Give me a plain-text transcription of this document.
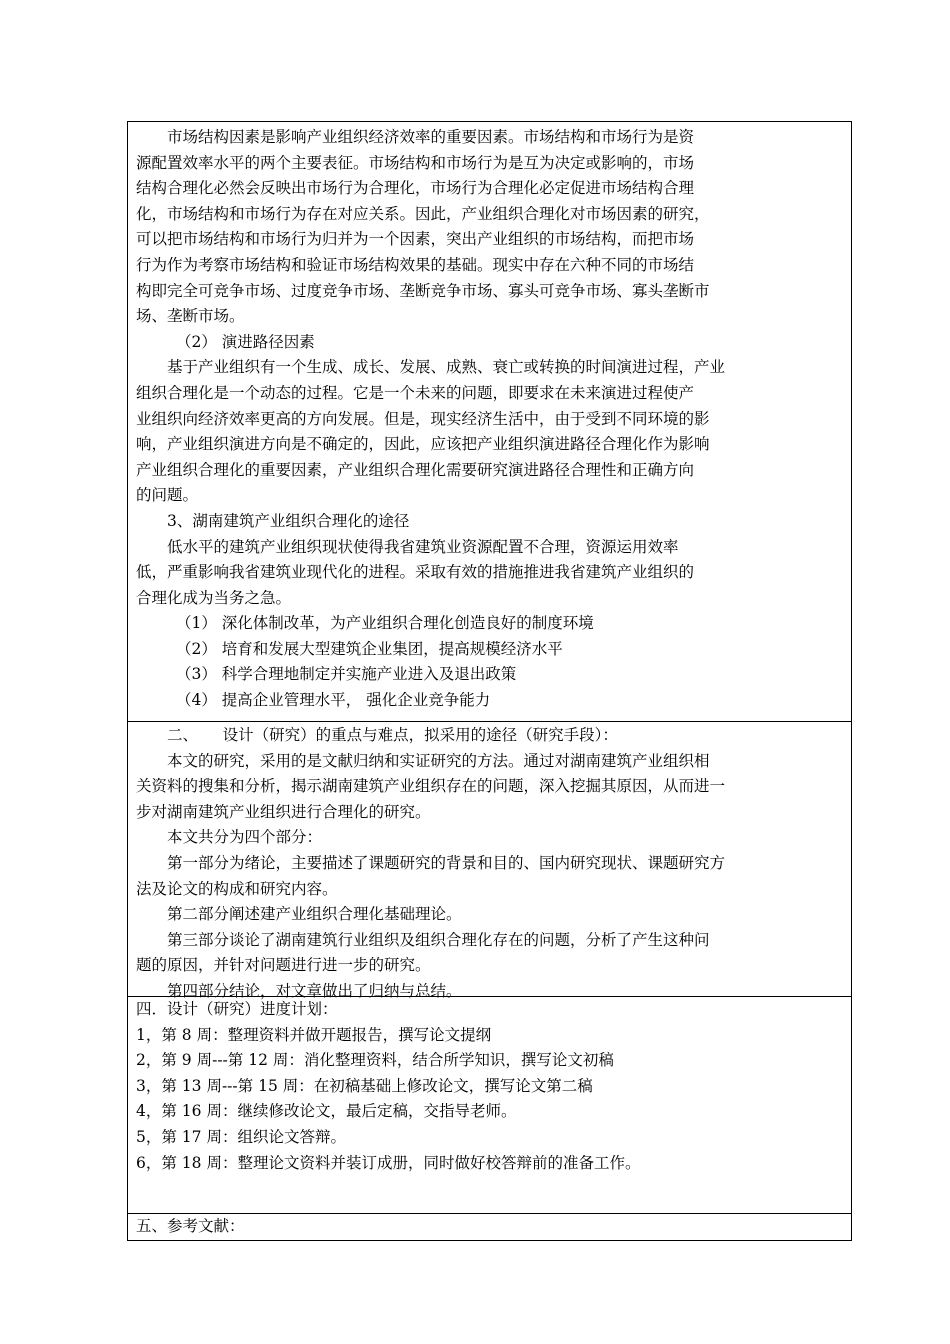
市场结构因素是影响产业组织经济效率的重要因素。市场结构和市场行为是资
源配置效率水平的两个主要表征。市场结构和市场行为是互为决定或影响的，市场
结构合理化必然会反映出市场行为合理化，市场行为合理化必定促进市场结构合理
化，市场结构和市场行为存在对应关系。因此，产业组织合理化对市场因素的研究，
可以把市场结构和市场行为归并为一个因素，突出产业组织的市场结构，而把市场
行为作为考察市场结构和验证市场结构效果的基础。现实中存在六种不同的市场结
构即完全可竞争市场、过度竞争市场、垄断竞争市场、寡头可竞争市场、寡头垄断市
场、垄断市场。
（2） 演进路径因素
基于产业组织有一个生成、成长、发展、成熟、衰亡或转换的时间演进过程，产业
组织合理化是一个动态的过程。它是一个未来的问题，即要求在未来演进过程使产
业组织向经济效率更高的方向发展。但是，现实经济生活中，由于受到不同环境的影
响，产业组织演进方向是不确定的，因此，应该把产业组织演进路径合理化作为影响
产业组织合理化的重要因素，产业组织合理化需要研究演进路径合理性和正确方向
的问题。
3、湖南建筑产业组织合理化的途径
低水平的建筑产业组织现状使得我省建筑业资源配置不合理，资源运用效率
低，严重影响我省建筑业现代化的进程。采取有效的措施推进我省建筑产业组织的
合理化成为当务之急。
（1） 深化体制改革，为产业组织合理化创造良好的制度环境
（2） 培育和发展大型建筑企业集团，提高规模经济水平
（3） 科学合理地制定并实施产业进入及退出政策
（4） 提高企业管理水平， 强化企业竞争能力
二、     设计（研究）的重点与难点，拟采用的途径（研究手段）：
本文的研究，采用的是文献归纳和实证研究的方法。通过对湖南建筑产业组织相
关资料的搜集和分析，揭示湖南建筑产业组织存在的问题，深入挖掘其原因，从而进一
步对湖南建筑产业组织进行合理化的研究。
本文共分为四个部分：
第一部分为绪论，主要描述了课题研究的背景和目的、国内研究现状、课题研究方
法及论文的构成和研究内容。
第二部分阐述建产业组织合理化基础理论。
第三部分谈论了湖南建筑行业组织及组织合理化存在的问题，分析了产生这种问
题的原因，并针对问题进行进一步的研究。
第四部分结论，对文章做出了归纳与总结。
四．设计（研究）进度计划：
1，第 8 周：整理资料并做开题报告，撰写论文提纲
2，第 9 周---第 12 周：消化整理资料，结合所学知识，撰写论文初稿
3，第 13 周---第 15 周：在初稿基础上修改论文，撰写论文第二稿
4，第 16 周：继续修改论文，最后定稿，交指导老师。
5，第 17 周：组织论文答辩。
6，第 18 周：整理论文资料并装订成册，同时做好校答辩前的准备工作。
五、参考文献：
